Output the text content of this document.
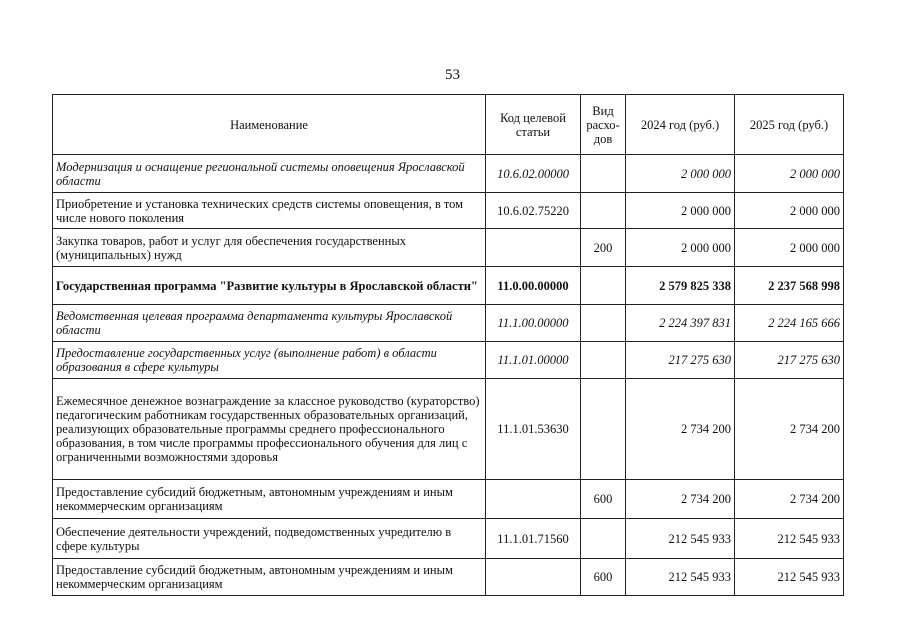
53
Наименование	Код целевой статьи	Вид расхо-дов	2024 год (руб.)	2025 год (руб.)
Модернизация и оснащение региональной системы оповещения Ярославской области	10.6.02.00000		2 000 000	2 000 000
Приобретение и установка технических средств системы оповещения, в том числе нового поколения	10.6.02.75220		2 000 000	2 000 000
Закупка товаров, работ и услуг для обеспечения государственных (муниципальных) нужд		200	2 000 000	2 000 000
Государственная программа "Развитие культуры в Ярославской области"	11.0.00.00000		2 579 825 338	2 237 568 998
Ведомственная целевая программа департамента культуры Ярославской области	11.1.00.00000		2 224 397 831	2 224 165 666
Предоставление государственных услуг (выполнение работ) в области образования в сфере культуры	11.1.01.00000		217 275 630	217 275 630
Ежемесячное денежное вознаграждение за классное руководство (кураторство) педагогическим работникам государственных образовательных организаций, реализующих образовательные программы среднего профессионального образования, в том числе программы профессионального обучения для лиц с ограниченными возможностями здоровья	11.1.01.53630		2 734 200	2 734 200
Предоставление субсидий бюджетным, автономным учреждениям и иным некоммерческим организациям		600	2 734 200	2 734 200
Обеспечение деятельности учреждений, подведомственных учредителю в сфере культуры	11.1.01.71560		212 545 933	212 545 933
Предоставление субсидий бюджетным, автономным учреждениям и иным некоммерческим организациям		600	212 545 933	212 545 933
